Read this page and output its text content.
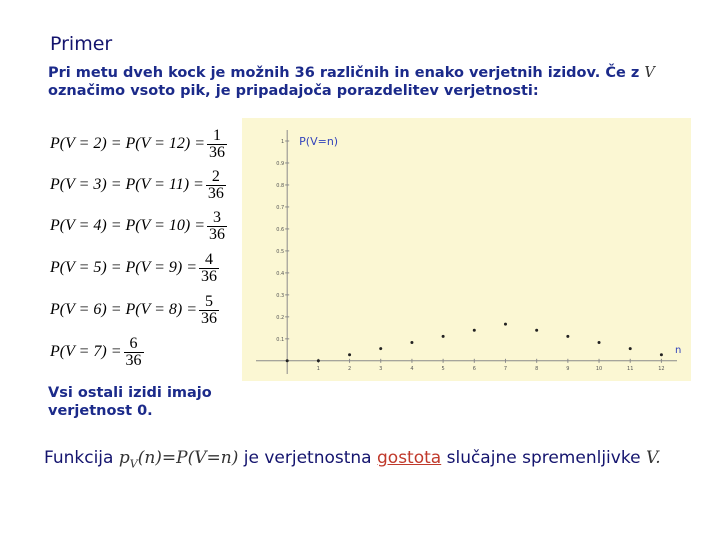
Primer
Pri metu dveh kock je možnih 36 različnih in enako verjetnih izidov. Če z V
označimo vsoto pik, je pripadajoča porazdelitev verjetnosti:
$P(V = 2) = P(V = 12) = \frac{1}{36}$
$P(V = 3) = P(V = 11) = \frac{2}{36}$
$P(V = 4) = P(V = 10) = \frac{3}{36}$
$P(V = 5) = P(V = 9) = \frac{4}{36}$
$P(V = 6) = P(V = 8) = \frac{5}{36}$
$P(V = 7) = \frac{6}{36}$
1	2	3	4	5	6	7	8	9	10	11	12
0.1
0.2
0.3
0.4
0.5
0.6
0.7
0.8
0.9
1 P(V=n)
n
Vsi ostali izidi imajo verjetnost 0.
Funkcija $p_V(n)=P(V=n)$ je verjetnostna gostota slučajne spremenljivke V.
